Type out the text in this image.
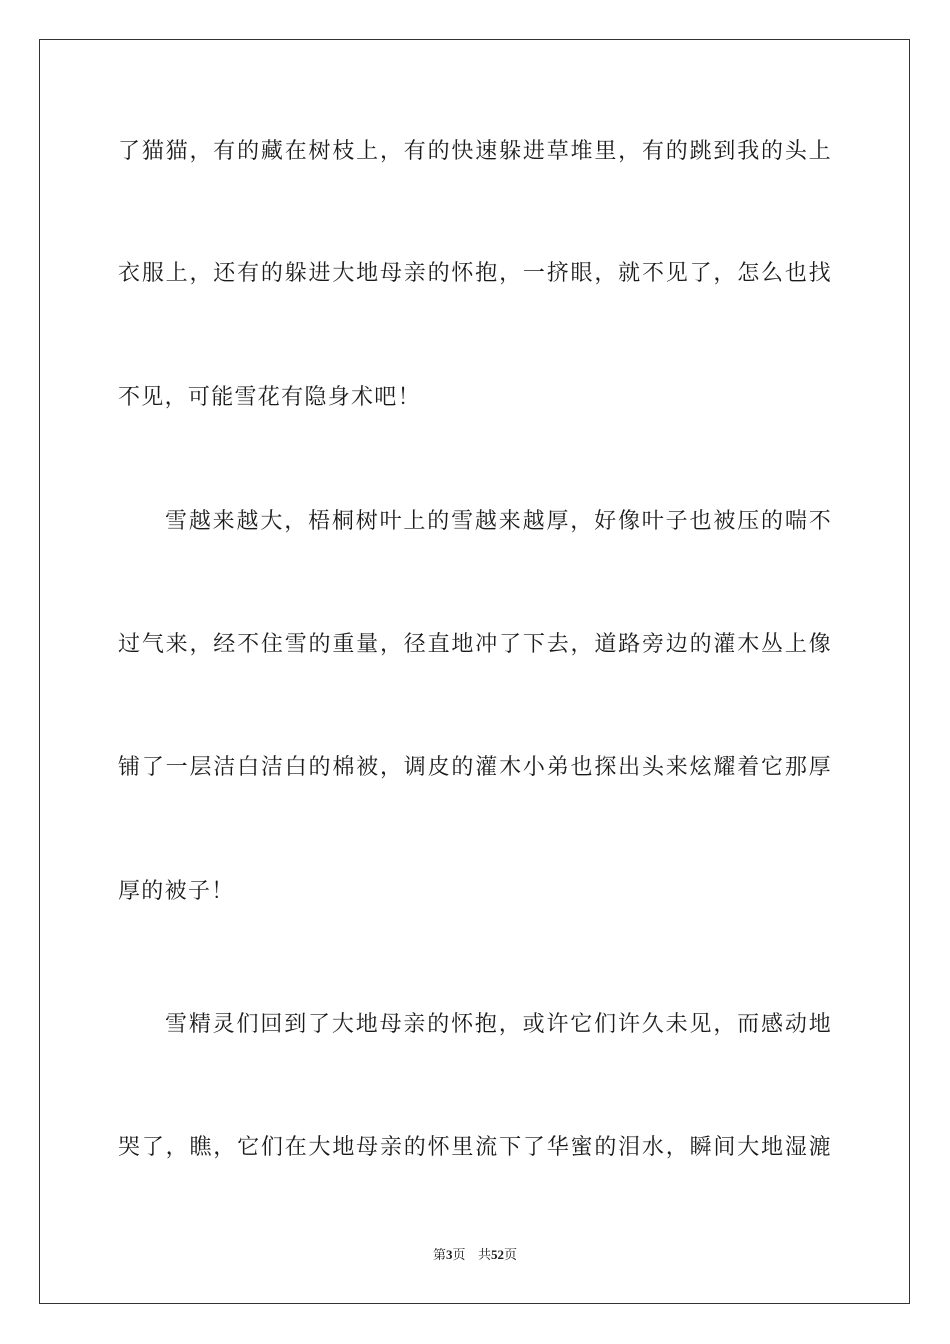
了猫猫，有的藏在树枝上，有的快速躲进草堆里，有的跳到我的头上
衣服上，还有的躲进大地母亲的怀抱，一挤眼，就不见了，怎么也找
不见，可能雪花有隐身术吧！
雪越来越大，梧桐树叶上的雪越来越厚，好像叶子也被压的喘不
过气来，经不住雪的重量，径直地冲了下去，道路旁边的灌木丛上像
铺了一层洁白洁白的棉被，调皮的灌木小弟也探出头来炫耀着它那厚
厚的被子！
雪精灵们回到了大地母亲的怀抱，或许它们许久未见，而感动地
哭了，瞧，它们在大地母亲的怀里流下了华蜜的泪水，瞬间大地湿漉
第3页 共52页
